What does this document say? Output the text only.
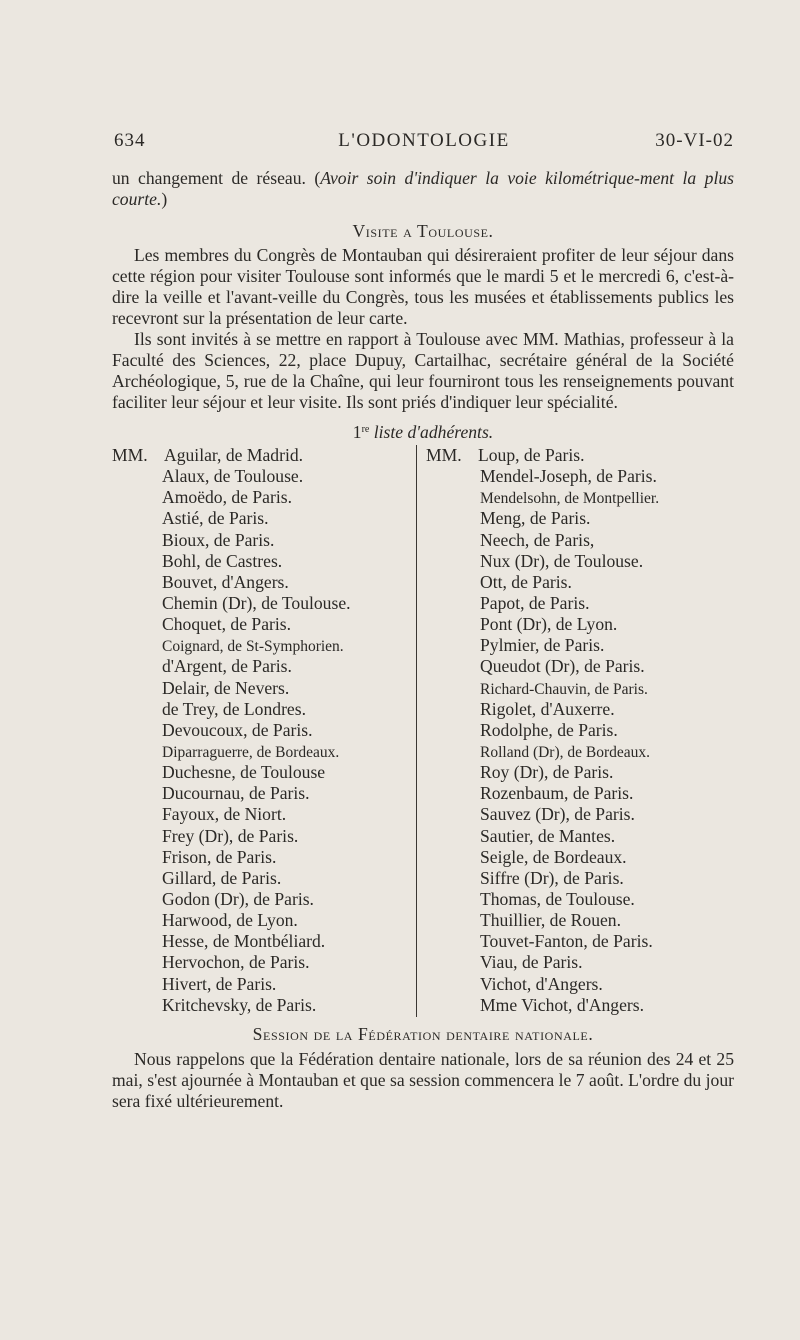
634	L'ODONTOLOGIE	30-VI-02

un changement de réseau. (Avoir soin d'indiquer la voie kilométrique-ment la plus courte.)

Visite a Toulouse.

Les membres du Congrès de Montauban qui désireraient profiter de leur séjour dans cette région pour visiter Toulouse sont informés que le mardi 5 et le mercredi 6, c'est-à-dire la veille et l'avant-veille du Congrès, tous les musées et établissements publics les recevront sur la présentation de leur carte.

Ils sont invités à se mettre en rapport à Toulouse avec MM. Mathias, professeur à la Faculté des Sciences, 22, place Dupuy, Cartailhac, secrétaire général de la Société Archéologique, 5, rue de la Chaîne, qui leur fourniront tous les renseignements pouvant faciliter leur séjour et leur visite. Ils sont priés d'indiquer leur spécialité.

1re liste d'adhérents.
MM. Aguilar, de Madrid.
Alaux, de Toulouse.
Amoëdo, de Paris.
Astié, de Paris.
Bioux, de Paris.
Bohl, de Castres.
Bouvet, d'Angers.
Chemin (Dr), de Toulouse.
Choquet, de Paris.
Coignard, de St-Symphorien.
d'Argent, de Paris.
Delair, de Nevers.
de Trey, de Londres.
Devoucoux, de Paris.
Diparraguerre, de Bordeaux.
Duchesne, de Toulouse
Ducournau, de Paris.
Fayoux, de Niort.
Frey (Dr), de Paris.
Frison, de Paris.
Gillard, de Paris.
Godon (Dr), de Paris.
Harwood, de Lyon.
Hesse, de Montbéliard.
Hervochon, de Paris.
Hivert, de Paris.
Kritchevsky, de Paris.
MM. Loup, de Paris.
Mendel-Joseph, de Paris.
Mendelsohn, de Montpellier.
Meng, de Paris.
Neech, de Paris,
Nux (Dr), de Toulouse.
Ott, de Paris.
Papot, de Paris.
Pont (Dr), de Lyon.
Pylmier, de Paris.
Queudot (Dr), de Paris.
Richard-Chauvin, de Paris.
Rigolet, d'Auxerre.
Rodolphe, de Paris.
Rolland (Dr), de Bordeaux.
Roy (Dr), de Paris.
Rozenbaum, de Paris.
Sauvez (Dr), de Paris.
Sautier, de Mantes.
Seigle, de Bordeaux.
Siffre (Dr), de Paris.
Thomas, de Toulouse.
Thuillier, de Rouen.
Touvet-Fanton, de Paris.
Viau, de Paris.
Vichot, d'Angers.
Mme Vichot, d'Angers.
Session de la Fédération dentaire nationale.

Nous rappelons que la Fédération dentaire nationale, lors de sa réunion des 24 et 25 mai, s'est ajournée à Montauban et que sa session commencera le 7 août. L'ordre du jour sera fixé ultérieurement.
